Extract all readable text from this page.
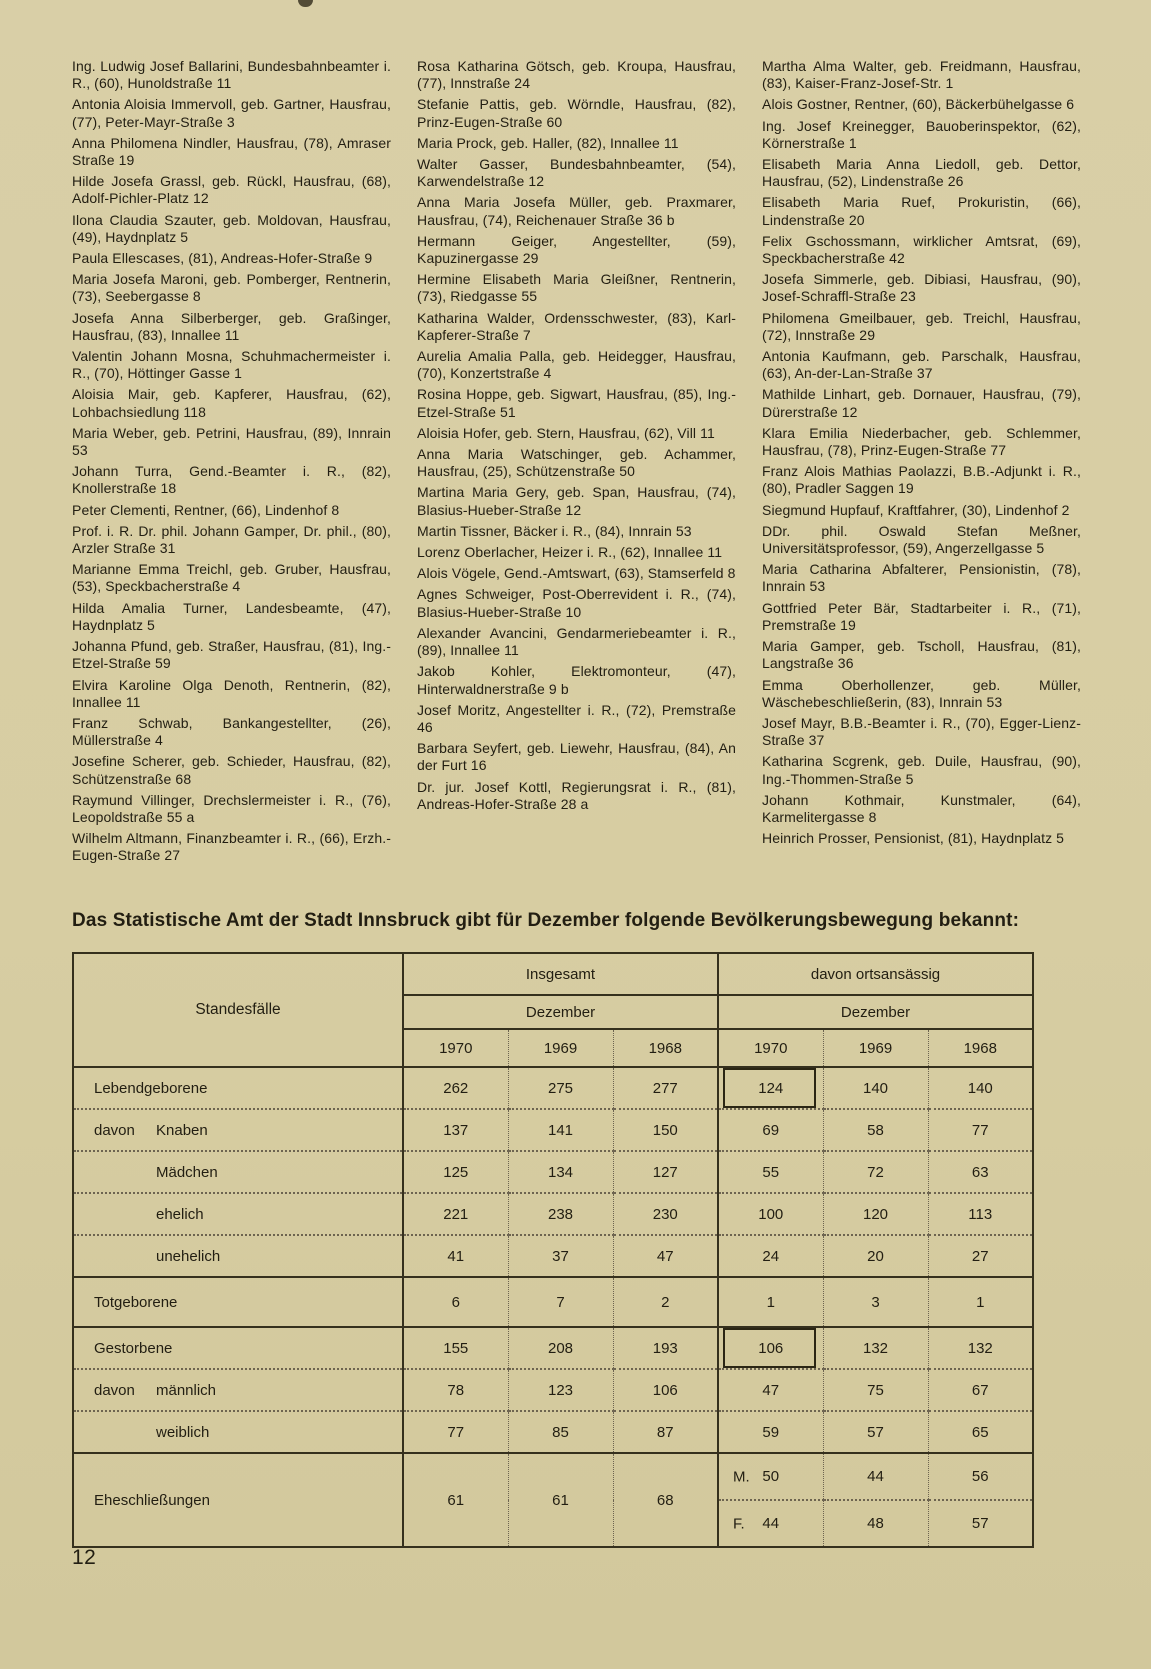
Ing. Ludwig Josef Ballarini, Bundesbahnbeamter i. R., (60), Hunoldstraße 11

Antonia Aloisia Immervoll, geb. Gartner, Hausfrau, (77), Peter-Mayr-Straße 3

Anna Philomena Nindler, Hausfrau, (78), Amraser Straße 19

Hilde Josefa Grassl, geb. Rückl, Hausfrau, (68), Adolf-Pichler-Platz 12

Ilona Claudia Szauter, geb. Moldovan, Hausfrau, (49), Haydnplatz 5

Paula Ellescases, (81), Andreas-Hofer-Straße 9

Maria Josefa Maroni, geb. Pomberger, Rentnerin, (73), Seebergasse 8

Josefa Anna Silberberger, geb. Graßinger, Hausfrau, (83), Innallee 11

Valentin Johann Mosna, Schuhmachermeister i. R., (70), Höttinger Gasse 1

Aloisia Mair, geb. Kapferer, Hausfrau, (62), Lohbachsiedlung 118

Maria Weber, geb. Petrini, Hausfrau, (89), Innrain 53

Johann Turra, Gend.-Beamter i. R., (82), Knollerstraße 18

Peter Clementi, Rentner, (66), Lindenhof 8

Prof. i. R. Dr. phil. Johann Gamper, Dr. phil., (80), Arzler Straße 31

Marianne Emma Treichl, geb. Gruber, Hausfrau, (53), Speckbacherstraße 4

Hilda Amalia Turner, Landesbeamte, (47), Haydnplatz 5

Johanna Pfund, geb. Straßer, Hausfrau, (81), Ing.-Etzel-Straße 59

Elvira Karoline Olga Denoth, Rentnerin, (82), Innallee 11

Franz Schwab, Bankangestellter, (26), Müllerstraße 4

Josefine Scherer, geb. Schieder, Hausfrau, (82), Schützenstraße 68

Raymund Villinger, Drechslermeister i. R., (76), Leopoldstraße 55 a

Wilhelm Altmann, Finanzbeamter i. R., (66), Erzh.-Eugen-Straße 27

Rosa Katharina Götsch, geb. Kroupa, Hausfrau, (77), Innstraße 24

Stefanie Pattis, geb. Wörndle, Hausfrau, (82), Prinz-Eugen-Straße 60

Maria Prock, geb. Haller, (82), Innallee 11

Walter Gasser, Bundesbahnbeamter, (54), Karwendelstraße 12

Anna Maria Josefa Müller, geb. Praxmarer, Hausfrau, (74), Reichenauer Straße 36 b

Hermann Geiger, Angestellter, (59), Kapuzinergasse 29

Hermine Elisabeth Maria Gleißner, Rentnerin, (73), Riedgasse 55

Katharina Walder, Ordensschwester, (83), Karl-Kapferer-Straße 7

Aurelia Amalia Palla, geb. Heidegger, Hausfrau, (70), Konzertstraße 4

Rosina Hoppe, geb. Sigwart, Hausfrau, (85), Ing.-Etzel-Straße 51

Aloisia Hofer, geb. Stern, Hausfrau, (62), Vill 11

Anna Maria Watschinger, geb. Achammer, Hausfrau, (25), Schützenstraße 50

Martina Maria Gery, geb. Span, Hausfrau, (74), Blasius-Hueber-Straße 12

Martin Tissner, Bäcker i. R., (84), Innrain 53

Lorenz Oberlacher, Heizer i. R., (62), Innallee 11

Alois Vögele, Gend.-Amtswart, (63), Stamserfeld 8

Agnes Schweiger, Post-Oberrevident i. R., (74), Blasius-Hueber-Straße 10

Alexander Avancini, Gendarmeriebeamter i. R., (89), Innallee 11

Jakob Kohler, Elektromonteur, (47), Hinterwaldnerstraße 9 b

Josef Moritz, Angestellter i. R., (72), Premstraße 46

Barbara Seyfert, geb. Liewehr, Hausfrau, (84), An der Furt 16

Dr. jur. Josef Kottl, Regierungsrat i. R., (81), Andreas-Hofer-Straße 28 a

Martha Alma Walter, geb. Freidmann, Hausfrau, (83), Kaiser-Franz-Josef-Str. 1

Alois Gostner, Rentner, (60), Bäckerbühelgasse 6

Ing. Josef Kreinegger, Bauoberinspektor, (62), Körnerstraße 1

Elisabeth Maria Anna Liedoll, geb. Dettor, Hausfrau, (52), Lindenstraße 26

Elisabeth Maria Ruef, Prokuristin, (66), Lindenstraße 20

Felix Gschossmann, wirklicher Amtsrat, (69), Speckbacherstraße 42

Josefa Simmerle, geb. Dibiasi, Hausfrau, (90), Josef-Schraffl-Straße 23

Philomena Gmeilbauer, geb. Treichl, Hausfrau, (72), Innstraße 29

Antonia Kaufmann, geb. Parschalk, Hausfrau, (63), An-der-Lan-Straße 37

Mathilde Linhart, geb. Dornauer, Hausfrau, (79), Dürerstraße 12

Klara Emilia Niederbacher, geb. Schlemmer, Hausfrau, (78), Prinz-Eugen-Straße 77

Franz Alois Mathias Paolazzi, B.B.-Adjunkt i. R., (80), Pradler Saggen 19

Siegmund Hupfauf, Kraftfahrer, (30), Lindenhof 2

DDr. phil. Oswald Stefan Meßner, Universitätsprofessor, (59), Angerzellgasse 5

Maria Catharina Abfalterer, Pensionistin, (78), Innrain 53

Gottfried Peter Bär, Stadtarbeiter i. R., (71), Premstraße 19

Maria Gamper, geb. Tscholl, Hausfrau, (81), Langstraße 36

Emma Oberhollenzer, geb. Müller, Wäschebeschließerin, (83), Innrain 53

Josef Mayr, B.B.-Beamter i. R., (70), Egger-Lienz-Straße 37

Katharina Scgrenk, geb. Duile, Hausfrau, (90), Ing.-Thommen-Straße 5

Johann Kothmair, Kunstmaler, (64), Karmelitergasse 8

Heinrich Prosser, Pensionist, (81), Haydnplatz 5

Das Statistische Amt der Stadt Innsbruck gibt für Dezember folgende Bevölkerungsbewegung bekannt:
Standesfälle	Insgesamt			davon ortsansässig		
	Dezember			Dezember		
	1970	1969	1968	1970	1969	1968
Lebendgeborene	262	275	277	124	140	140
davon Knaben	137	141	150	69	58	77
Mädchen	125	134	127	55	72	63
ehelich	221	238	230	100	120	113
unehelich	41	37	47	24	20	27
Totgeborene	6	7	2	1	3	1
Gestorbene	155	208	193	106	132	132
davon männlich	78	123	106	47	75	67
weiblich	77	85	87	59	57	65
Eheschließungen	61	61	68	M. 50	44	56

				F. 44	48	57
12
